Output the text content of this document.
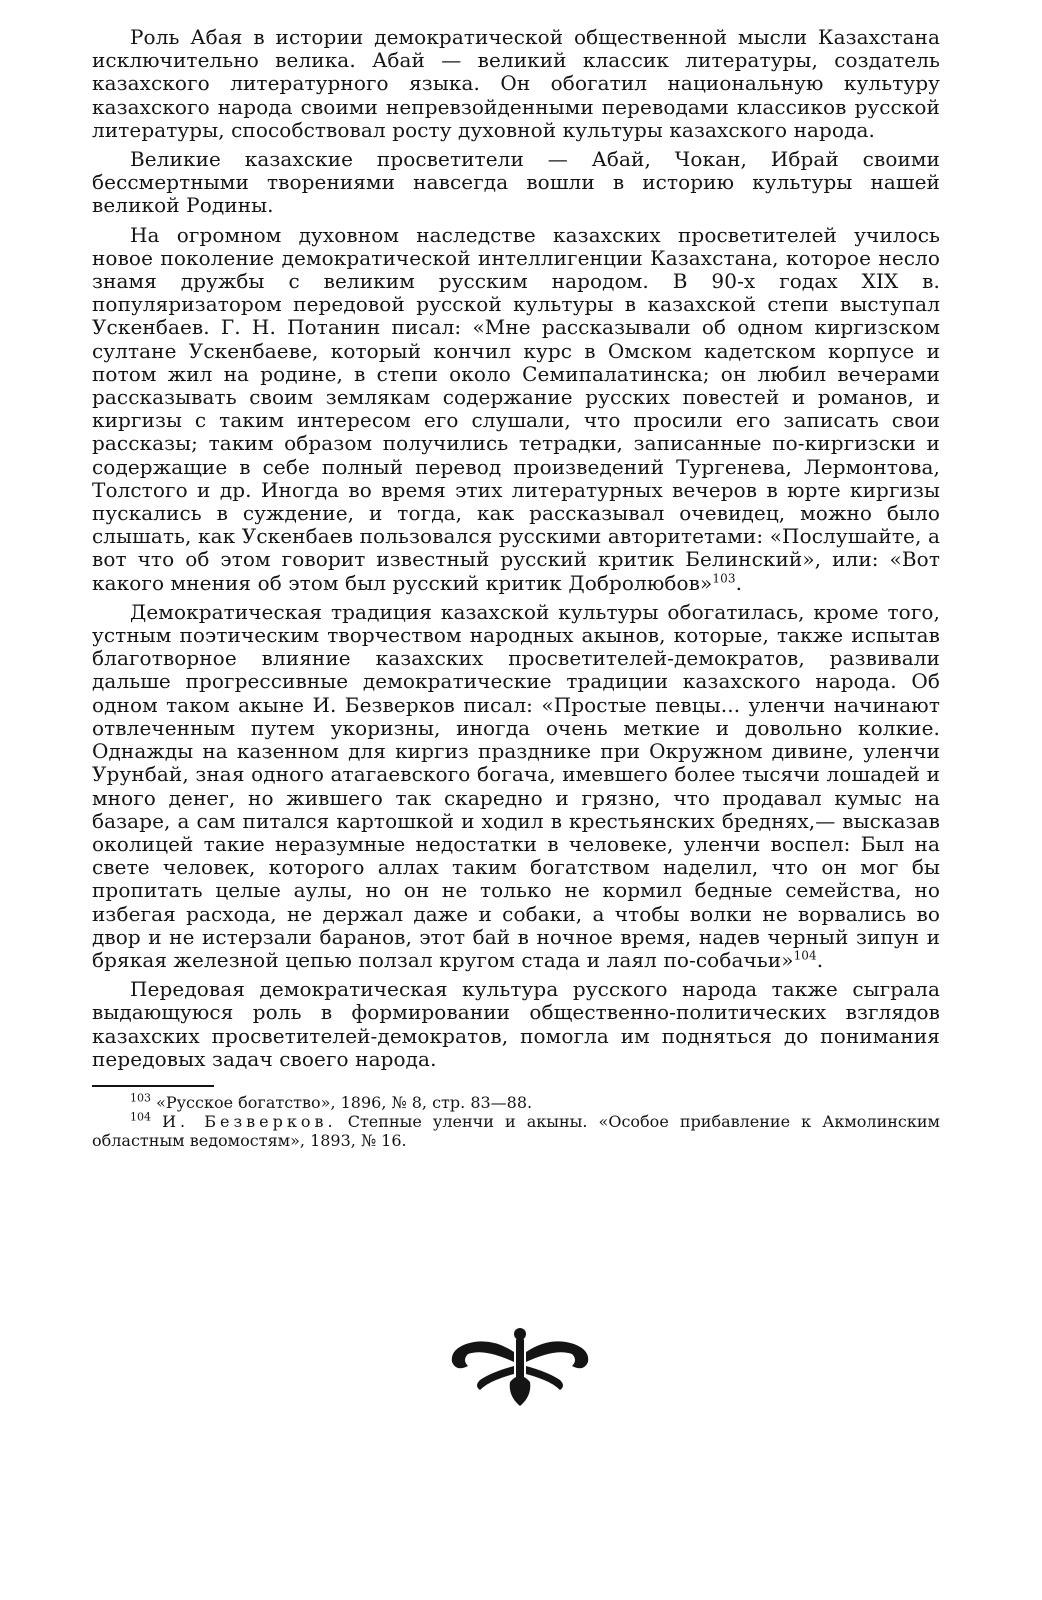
Роль Абая в истории демократической общественной мысли Казахстана исключительно велика. Абай — великий классик литературы, создатель казахского литературного языка. Он обогатил национальную культуру казахского народа своими непревзойденными переводами классиков русской литературы, способствовал росту духовной культуры казахского народа.

Великие казахские просветители — Абай, Чокан, Ибрай своими бессмертными творениями навсегда вошли в историю культуры нашей великой Родины.

На огромном духовном наследстве казахских просветителей училось новое поколение демократической интеллигенции Казахстана, которое несло знамя дружбы с великим русским народом. В 90-х годах XIX в. популяризатором передовой русской культуры в казахской степи выступал Ускенбаев. Г. Н. Потанин писал: «Мне рассказывали об одном киргизском султане Ускенбаеве, который кончил курс в Омском кадетском корпусе и потом жил на родине, в степи около Семипалатинска; он любил вечерами рассказывать своим землякам содержание русских повестей и романов, и киргизы с таким интересом его слушали, что просили его записать свои рассказы; таким образом получились тетрадки, записанные по-киргизски и содержащие в себе полный перевод произведений Тургенева, Лермонтова, Толстого и др. Иногда во время этих литературных вечеров в юрте киргизы пускались в суждение, и тогда, как рассказывал очевидец, можно было слышать, как Ускенбаев пользовался русскими авторитетами: «Послушайте, а вот что об этом говорит известный русский критик Белинский», или: «Вот какого мнения об этом был русский критик Добролюбов»$^{103}$.

Демократическая традиция казахской культуры обогатилась, кроме того, устным поэтическим творчеством народных акынов, которые, также испытав благотворное влияние казахских просветителей-демократов, развивали дальше прогрессивные демократические традиции казахского народа. Об одном таком акыне И. Безверков писал: «Простые певцы... уленчи начинают отвлеченным путем укоризны, иногда очень меткие и довольно колкие. Однажды на казенном для киргиз празднике при Окружном дивине, уленчи Урунбай, зная одного атагаевского богача, имевшего более тысячи лошадей и много денег, но жившего так скаредно и грязно, что продавал кумыс на базаре, а сам питался картошкой и ходил в крестьянских бреднях,— высказав околицей такие неразумные недостатки в человеке, уленчи воспел: Был на свете человек, которого аллах таким богатством наделил, что он мог бы пропитать целые аулы, но он не только не кормил бедные семейства, но избегая расхода, не держал даже и собаки, а чтобы волки не ворвались во двор и не истерзали баранов, этот бай в ночное время, надев черный зипун и брякая железной цепью ползал кругом стада и лаял по-собачьи»$^{104}$.

Передовая демократическая культура русского народа также сыграла выдающуюся роль в формировании общественно-политических взглядов казахских просветителей-демократов, помогла им подняться до понимания передовых задач своего народа.

$^{103}$ «Русское богатство», 1896, № 8, стр. 83—88.

$^{104}$ И. Безверков. Степные уленчи и акыны. «Особое прибавление к Акмолинским областным ведомостям», 1893, № 16.
